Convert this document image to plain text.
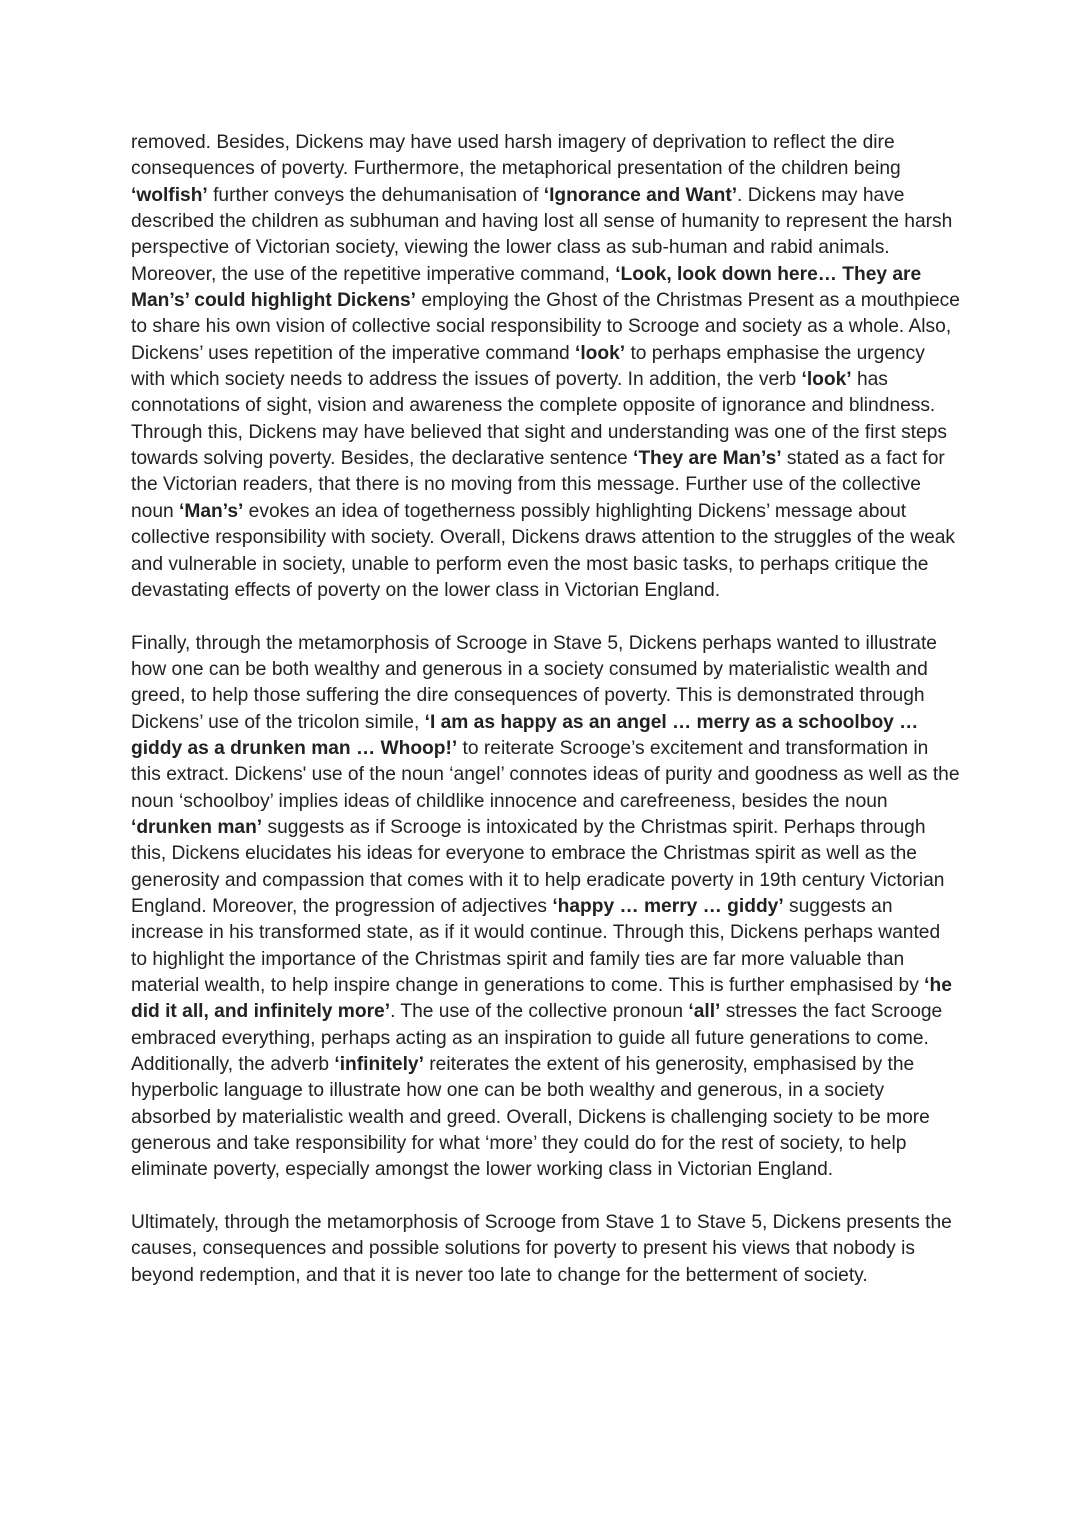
removed. Besides, Dickens may have used harsh imagery of deprivation to reflect the dire consequences of poverty. Furthermore, the metaphorical presentation of the children being ‘wolfish’ further conveys the dehumanisation of ‘Ignorance and Want’. Dickens may have described the children as subhuman and having lost all sense of humanity to represent the harsh perspective of Victorian society, viewing the lower class as sub-human and rabid animals. Moreover, the use of the repetitive imperative command, ‘Look, look down here… They are Man’s’ could highlight Dickens’ employing the Ghost of the Christmas Present as a mouthpiece to share his own vision of collective social responsibility to Scrooge and society as a whole. Also, Dickens’ uses repetition of the imperative command ‘look’ to perhaps emphasise the urgency with which society needs to address the issues of poverty. In addition, the verb ‘look’ has connotations of sight, vision and awareness the complete opposite of ignorance and blindness. Through this, Dickens may have believed that sight and understanding was one of the first steps towards solving poverty. Besides, the declarative sentence ‘They are Man’s’ stated as a fact for the Victorian readers, that there is no moving from this message. Further use of the collective noun ‘Man’s’ evokes an idea of togetherness possibly highlighting Dickens’ message about collective responsibility with society. Overall, Dickens draws attention to the struggles of the weak and vulnerable in society, unable to perform even the most basic tasks, to perhaps critique the devastating effects of poverty on the lower class in Victorian England.

Finally, through the metamorphosis of Scrooge in Stave 5, Dickens perhaps wanted to illustrate how one can be both wealthy and generous in a society consumed by materialistic wealth and greed, to help those suffering the dire consequences of poverty. This is demonstrated through Dickens’ use of the tricolon simile, ‘I am as happy as an angel … merry as a schoolboy … giddy as a drunken man … Whoop!’ to reiterate Scrooge’s excitement and transformation in this extract. Dickens' use of the noun ‘angel’ connotes ideas of purity and goodness as well as the noun ‘schoolboy’ implies ideas of childlike innocence and carefreeness, besides the noun ‘drunken man’ suggests as if Scrooge is intoxicated by the Christmas spirit. Perhaps through this, Dickens elucidates his ideas for everyone to embrace the Christmas spirit as well as the generosity and compassion that comes with it to help eradicate poverty in 19th century Victorian England. Moreover, the progression of adjectives ‘happy … merry … giddy’ suggests an increase in his transformed state, as if it would continue. Through this, Dickens perhaps wanted to highlight the importance of the Christmas spirit and family ties are far more valuable than material wealth, to help inspire change in generations to come. This is further emphasised by ‘he did it all, and infinitely more’. The use of the collective pronoun ‘all’ stresses the fact Scrooge embraced everything, perhaps acting as an inspiration to guide all future generations to come. Additionally, the adverb ‘infinitely’ reiterates the extent of his generosity, emphasised by the hyperbolic language to illustrate how one can be both wealthy and generous, in a society absorbed by materialistic wealth and greed. Overall, Dickens is challenging society to be more generous and take responsibility for what ‘more’ they could do for the rest of society, to help eliminate poverty, especially amongst the lower working class in Victorian England.

Ultimately, through the metamorphosis of Scrooge from Stave 1 to Stave 5, Dickens presents the causes, consequences and possible solutions for poverty to present his views that nobody is beyond redemption, and that it is never too late to change for the betterment of society.
